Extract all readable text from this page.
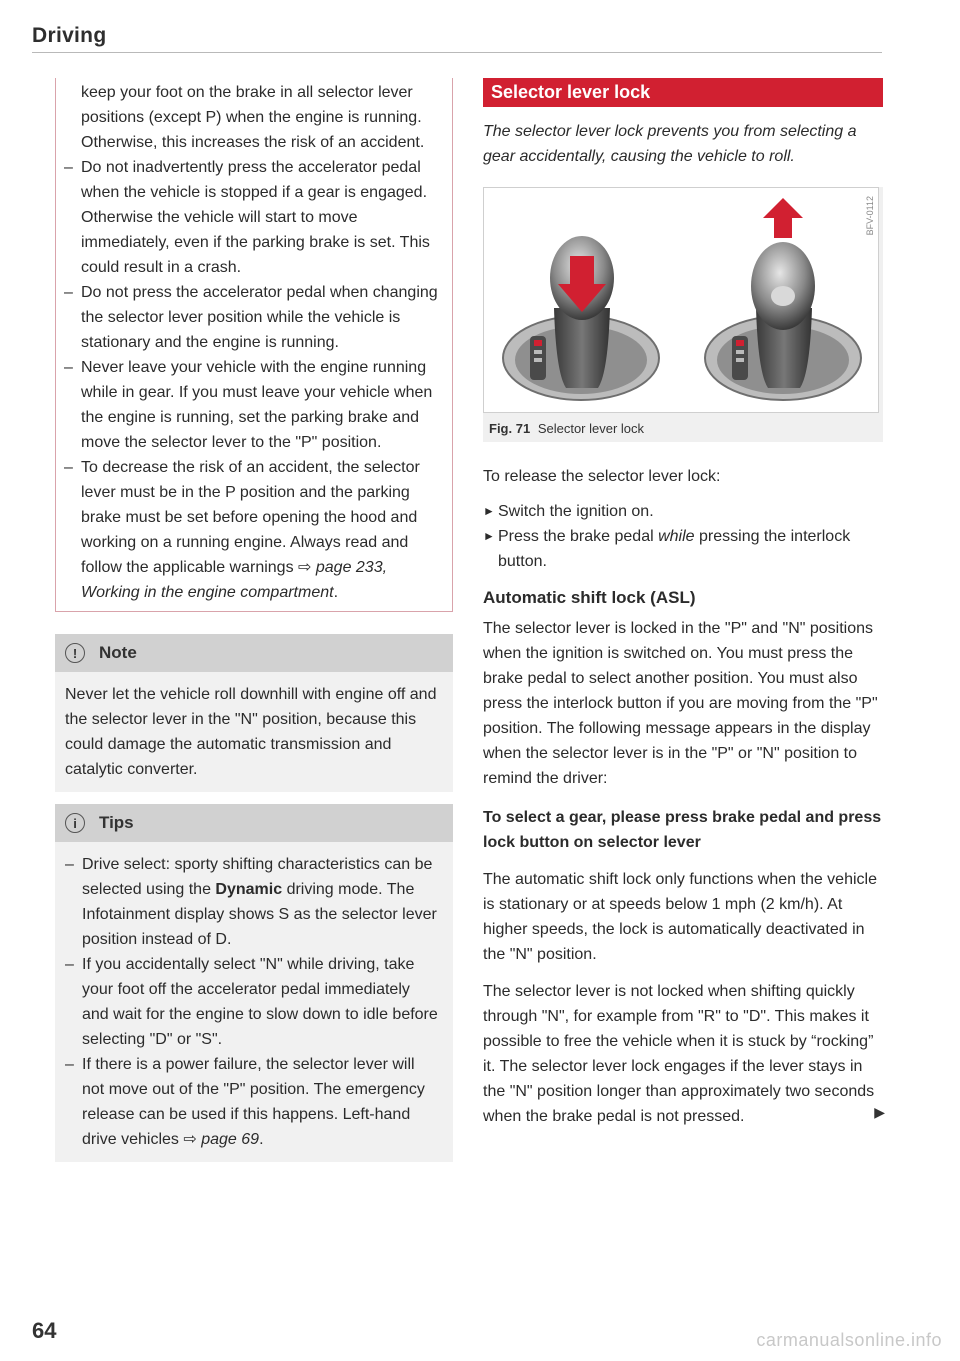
Driving
keep your foot on the brake in all selector lever positions (except P) when the engine is running. Otherwise, this increases the risk of an accident.
– Do not inadvertently press the accelerator pedal when the vehicle is stopped if a gear is engaged. Otherwise the vehicle will start to move immediately, even if the parking brake is set. This could result in a crash.
– Do not press the accelerator pedal when changing the selector lever position while the vehicle is stationary and the engine is running.
– Never leave your vehicle with the engine running while in gear. If you must leave your vehicle when the engine is running, set the parking brake and move the selector lever to the "P" position.
– To decrease the risk of an accident, the selector lever must be in the P position and the parking brake must be set before opening the hood and working on a running engine. Always read and follow the applicable warnings ⇨ page 233, Working in the engine compartment.
!	Note

Never let the vehicle roll downhill with engine off and the selector lever in the "N" position, because this could damage the automatic transmission and catalytic converter.

i	Tips
– Drive select: sporty shifting characteristics can be selected using the Dynamic driving mode. The Infotainment display shows S as the selector lever position instead of D.
– If you accidentally select "N" while driving, take your foot off the accelerator pedal immediately and wait for the engine to slow down to idle before selecting "D" or "S".
– If there is a power failure, the selector lever will not move out of the "P" position. The emergency release can be used if this happens. Left-hand drive vehicles ⇨ page 69.
Selector lever lock

The selector lever lock prevents you from selecting a gear accidentally, causing the vehicle to roll.

BFV-0112
Fig. 71 Selector lever lock

To release the selector lever lock:

► Switch the ignition on.

► Press the brake pedal while pressing the interlock button.

Automatic shift lock (ASL)

The selector lever is locked in the "P" and "N" positions when the ignition is switched on. You must press the brake pedal to select another position. You must also press the interlock button if you are moving from the "P" position. The following message appears in the display when the selector lever is in the "P" or "N" position to remind the driver:

To select a gear, please press brake pedal and press lock button on selector lever

The automatic shift lock only functions when the vehicle is stationary or at speeds below 1 mph (2 km/h). At higher speeds, the lock is automatically deactivated in the "N" position.

The selector lever is not locked when shifting quickly through "N", for example from "R" to "D". This makes it possible to free the vehicle when it is stuck by “rocking” it. The selector lever lock engages if the lever stays in the "N" position longer than approximately two seconds when the brake pedal is not pressed.	▶

64	carmanualsonline.info
